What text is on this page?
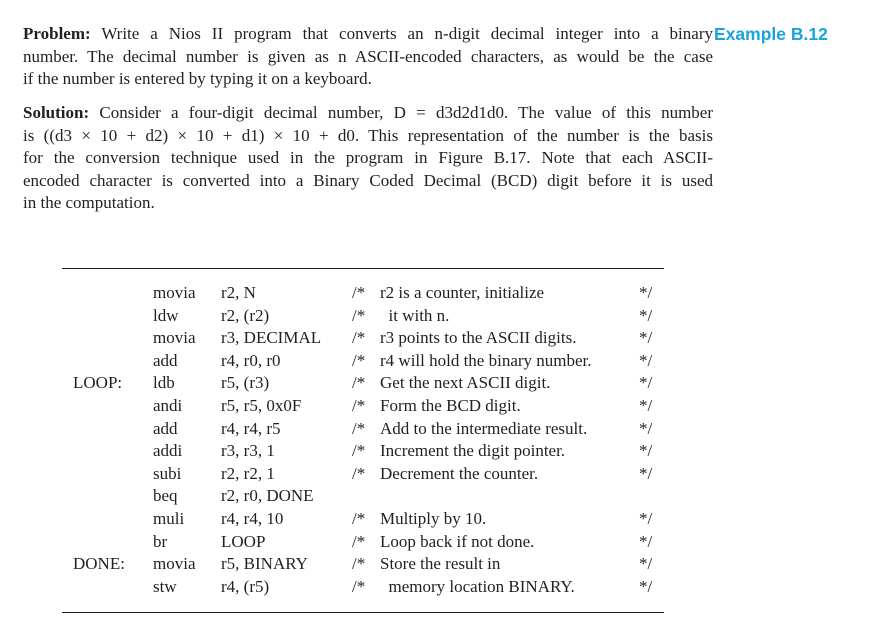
Problem: Write a Nios II program that converts an n-digit decimal integer into a binary
number. The decimal number is given as n ASCII-encoded characters, as would be the case
if the number is entered by typing it on a keyboard.
Example B.12
Solution: Consider a four-digit decimal number, D = d3d2d1d0. The value of this number
is ((d3 × 10 + d2) × 10 + d1) × 10 + d0. This representation of the number is the basis
for the conversion technique used in the program in Figure B.17. Note that each ASCII-
encoded character is converted into a Binary Coded Decimal (BCD) digit before it is used
in the computation.
movia r2, N	/* r2 is a counter, initialize	*/
ldw	r2, (r2)	/* it with n.	*/
movia r3, DECIMAL /* r3 points to the ASCII digits.	*/
add	r4, r0, r0	/* r4 will hold the binary number.	*/
LOOP: ldb	r5, (r3)	/* Get the next ASCII digit.	*/
andi r5, r5, 0x0F	/* Form the BCD digit.	*/
add	r4, r4, r5	/* Add to the intermediate result.	*/
addi r3, r3, 1	/* Increment the digit pointer.	*/
subi r2, r2, 1	/* Decrement the counter.	*/
beq	r2, r0, DONE
muli r4, r4, 10	/* Multiply by 10.	*/
br	LOOP	/* Loop back if not done.	*/
DONE: movia r5, BINARY	/* Store the result in	*/
stw	r4, (r5)	/* memory location BINARY.	*/
